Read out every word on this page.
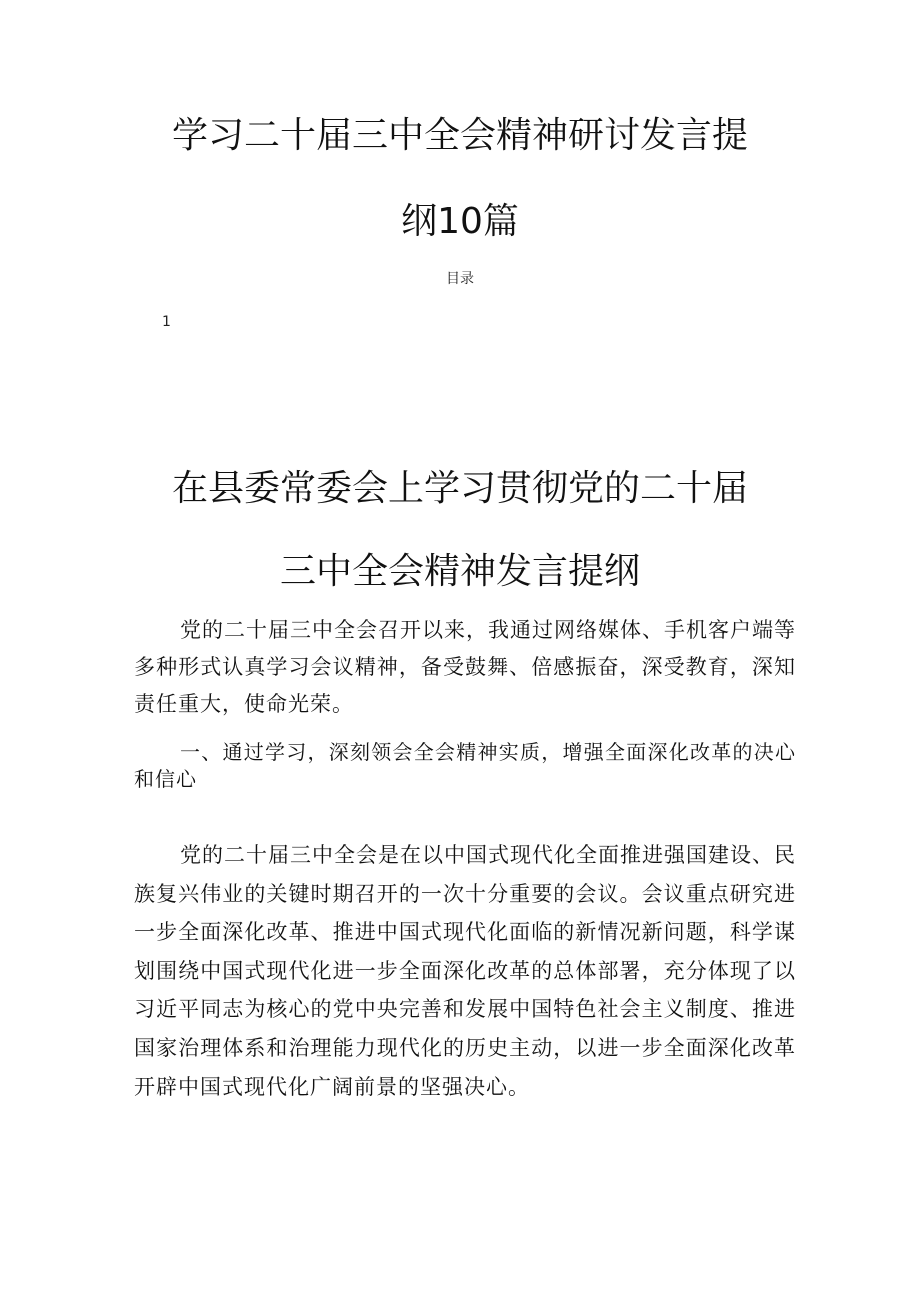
学习二十届三中全会精神研讨发言提
纲10篇

目录

1

在县委常委会上学习贯彻党的二十届
三中全会精神发言提纲

党的二十届三中全会召开以来，我通过网络媒体、手机客户端等多种形式认真学习会议精神，备受鼓舞、倍感振奋，深受教育，深知责任重大，使命光荣。

一、通过学习，深刻领会全会精神实质，增强全面深化改革的决心和信心

党的二十届三中全会是在以中国式现代化全面推进强国建设、民族复兴伟业的关键时期召开的一次十分重要的会议。会议重点研究进一步全面深化改革、推进中国式现代化面临的新情况新问题，科学谋划围绕中国式现代化进一步全面深化改革的总体部署，充分体现了以习近平同志为核心的党中央完善和发展中国特色社会主义制度、推进国家治理体系和治理能力现代化的历史主动，以进一步全面深化改革开辟中国式现代化广阔前景的坚强决心。
